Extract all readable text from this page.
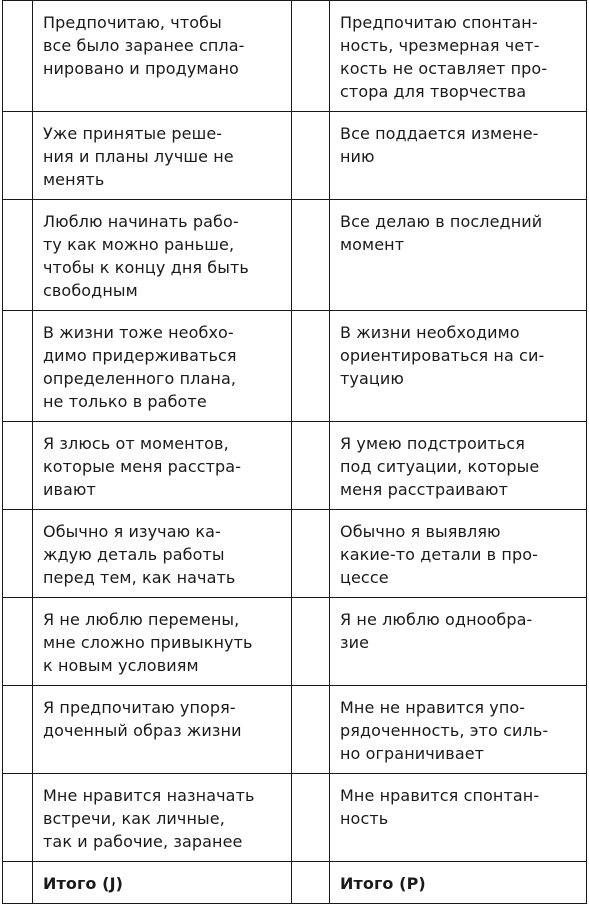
	Предпочитаю, чтобы
все было заранее спла-
нировано и продумано		Предпочитаю спонтан-
ность, чрезмерная чет-
кость не оставляет про-
стора для творчества
	Уже принятые реше-
ния и планы лучше не
менять		Все поддается измене-
нию
	Люблю начинать рабо-
ту как можно раньше,
чтобы к концу дня быть
свободным		Все делаю в последний
момент
	В жизни тоже необхо-
димо придерживаться
определенного плана,
не только в работе		В жизни необходимо
ориентироваться на си-
туацию
	Я злюсь от моментов,
которые меня расстра-
ивают		Я умею подстроиться
под ситуации, которые
меня расстраивают
	Обычно я изучаю ка-
ждую деталь работы
перед тем, как начать		Обычно я выявляю
какие-то детали в про-
цессе
	Я не люблю перемены,
мне сложно привыкнуть
к новым условиям		Я не люблю однообра-
зие
	Я предпочитаю упоря-
доченный образ жизни		Мне не нравится упо-
рядоченность, это силь-
но ограничивает
	Мне нравится назначать
встречи, как личные,
так и рабочие, заранее		Мне нравится спонтан-
ность
	Итого (J)		Итого (P)
